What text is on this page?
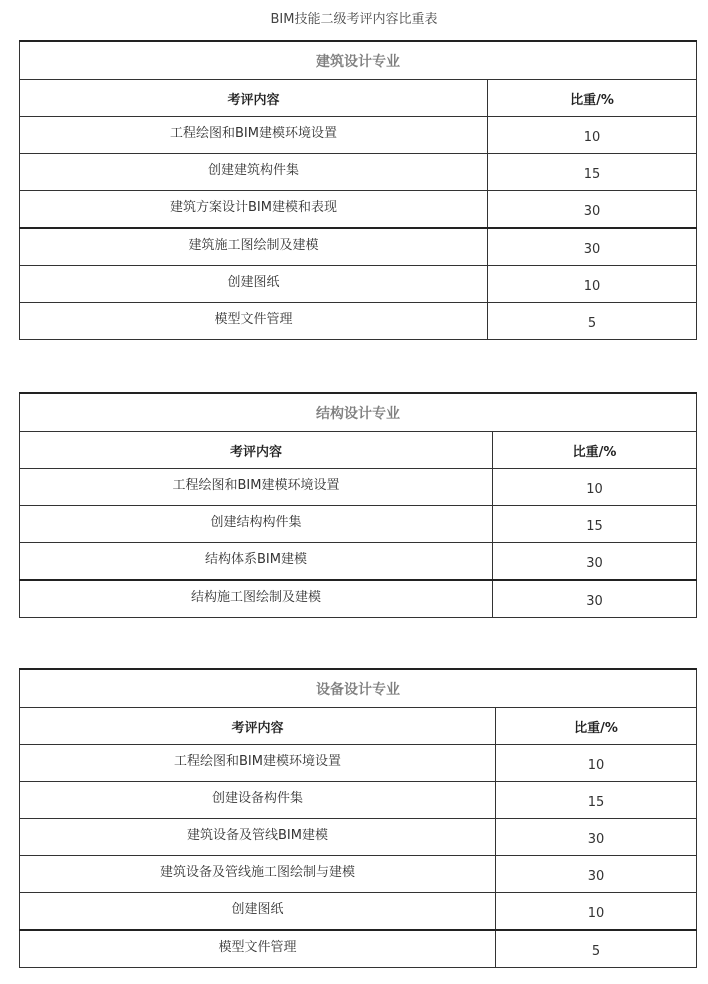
BIM技能二级考评内容比重表
建筑设计专业	
考评内容	比重/%
工程绘图和BIM建模环境设置	10
创建建筑构件集	15
建筑方案设计BIM建模和表现	30
建筑施工图绘制及建模	30
创建图纸	10
模型文件管理	5
结构设计专业	
考评内容	比重/%
工程绘图和BIM建模环境设置	10
创建结构构件集	15
结构体系BIM建模	30
结构施工图绘制及建模	30
设备设计专业	
考评内容	比重/%
工程绘图和BIM建模环境设置	10
创建设备构件集	15
建筑设备及管线BIM建模	30
建筑设备及管线施工图绘制与建模	30
创建图纸	10
模型文件管理	5
